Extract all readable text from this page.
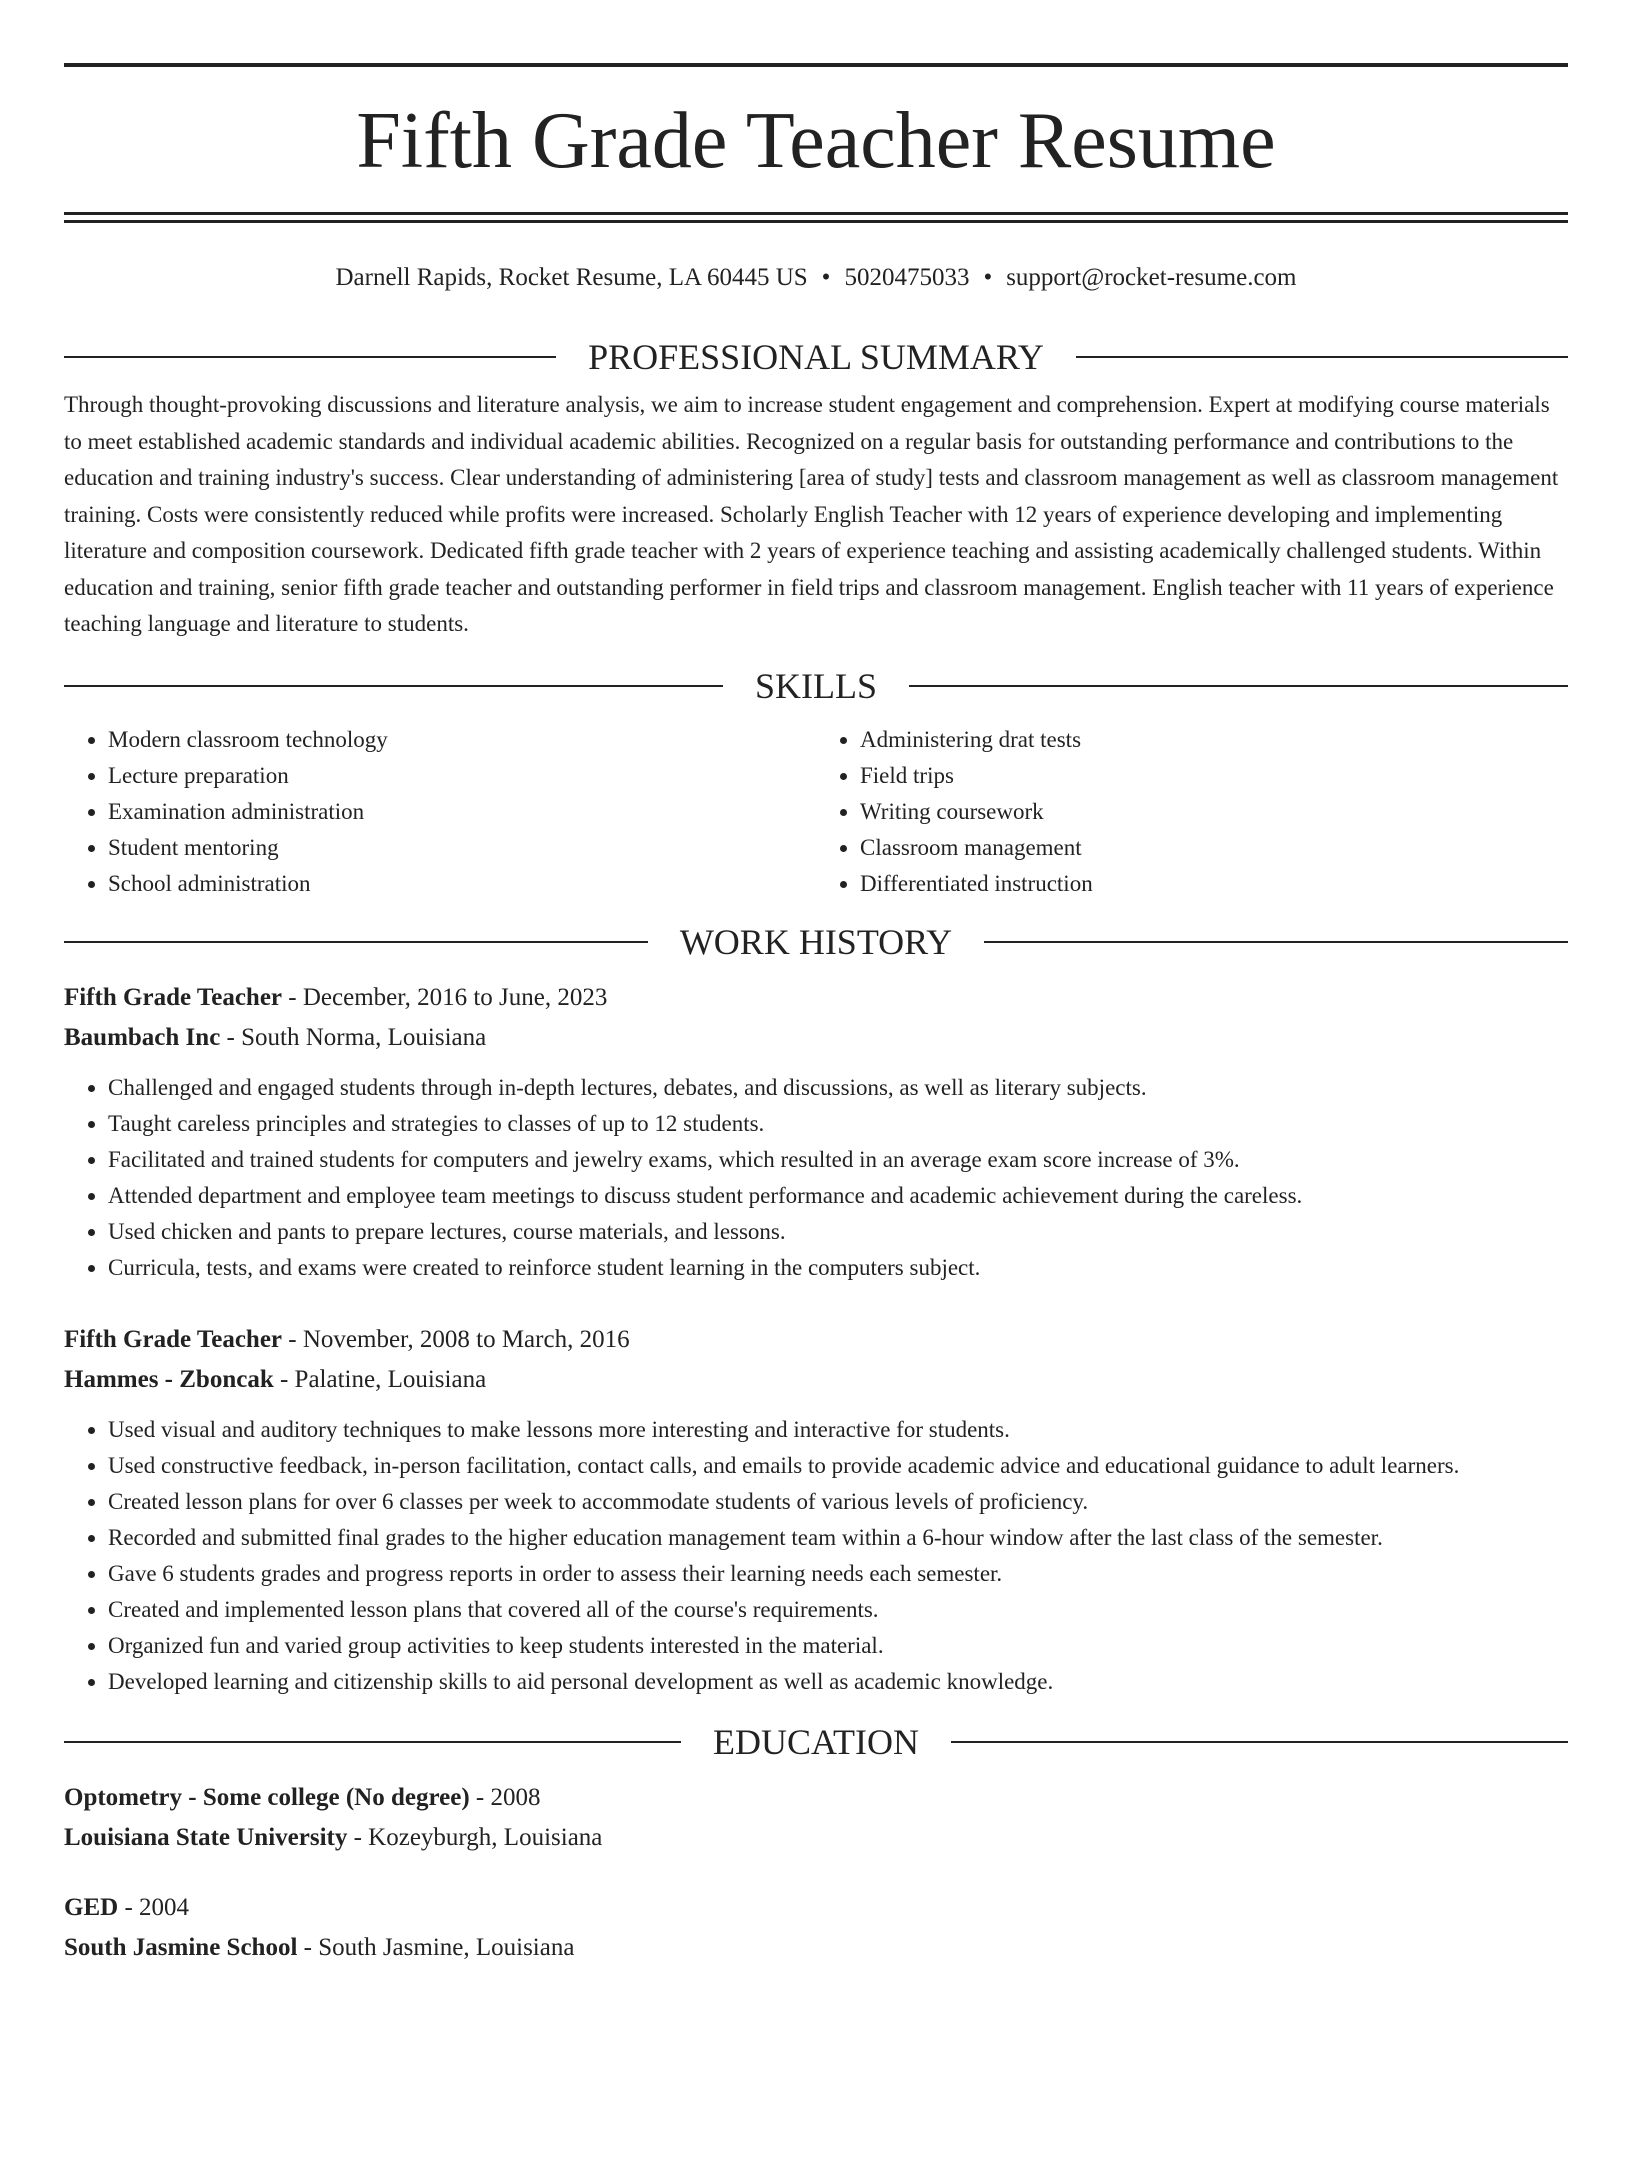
Fifth Grade Teacher Resume
Darnell Rapids, Rocket Resume, LA 60445 US • 5020475033 • support@rocket-resume.com
PROFESSIONAL SUMMARY

Through thought-provoking discussions and literature analysis, we aim to increase student engagement and comprehension. Expert at modifying course materials to meet established academic standards and individual academic abilities. Recognized on a regular basis for outstanding performance and contributions to the education and training industry's success. Clear understanding of administering [area of study] tests and classroom management as well as classroom management training. Costs were consistently reduced while profits were increased. Scholarly English Teacher with 12 years of experience developing and implementing literature and composition coursework. Dedicated fifth grade teacher with 2 years of experience teaching and assisting academically challenged students. Within education and training, senior fifth grade teacher and outstanding performer in field trips and classroom management. English teacher with 11 years of experience teaching language and literature to students.

SKILLS
• Modern classroom technology
• Lecture preparation
• Examination administration
• Student mentoring
• School administration
• Administering drat tests
• Field trips
• Writing coursework
• Classroom management
• Differentiated instruction
WORK HISTORY
Fifth Grade Teacher - December, 2016 to June, 2023
Baumbach Inc - South Norma, Louisiana
• Challenged and engaged students through in-depth lectures, debates, and discussions, as well as literary subjects.
• Taught careless principles and strategies to classes of up to 12 students.
• Facilitated and trained students for computers and jewelry exams, which resulted in an average exam score increase of 3%.
• Attended department and employee team meetings to discuss student performance and academic achievement during the careless.
• Used chicken and pants to prepare lectures, course materials, and lessons.
• Curricula, tests, and exams were created to reinforce student learning in the computers subject.
Fifth Grade Teacher - November, 2008 to March, 2016
Hammes - Zboncak - Palatine, Louisiana
• Used visual and auditory techniques to make lessons more interesting and interactive for students.
• Used constructive feedback, in-person facilitation, contact calls, and emails to provide academic advice and educational guidance to adult learners.
• Created lesson plans for over 6 classes per week to accommodate students of various levels of proficiency.
• Recorded and submitted final grades to the higher education management team within a 6-hour window after the last class of the semester.
• Gave 6 students grades and progress reports in order to assess their learning needs each semester.
• Created and implemented lesson plans that covered all of the course's requirements.
• Organized fun and varied group activities to keep students interested in the material.
• Developed learning and citizenship skills to aid personal development as well as academic knowledge.
EDUCATION
Optometry - Some college (No degree) - 2008
Louisiana State University - Kozeyburgh, Louisiana
GED - 2004
South Jasmine School - South Jasmine, Louisiana
